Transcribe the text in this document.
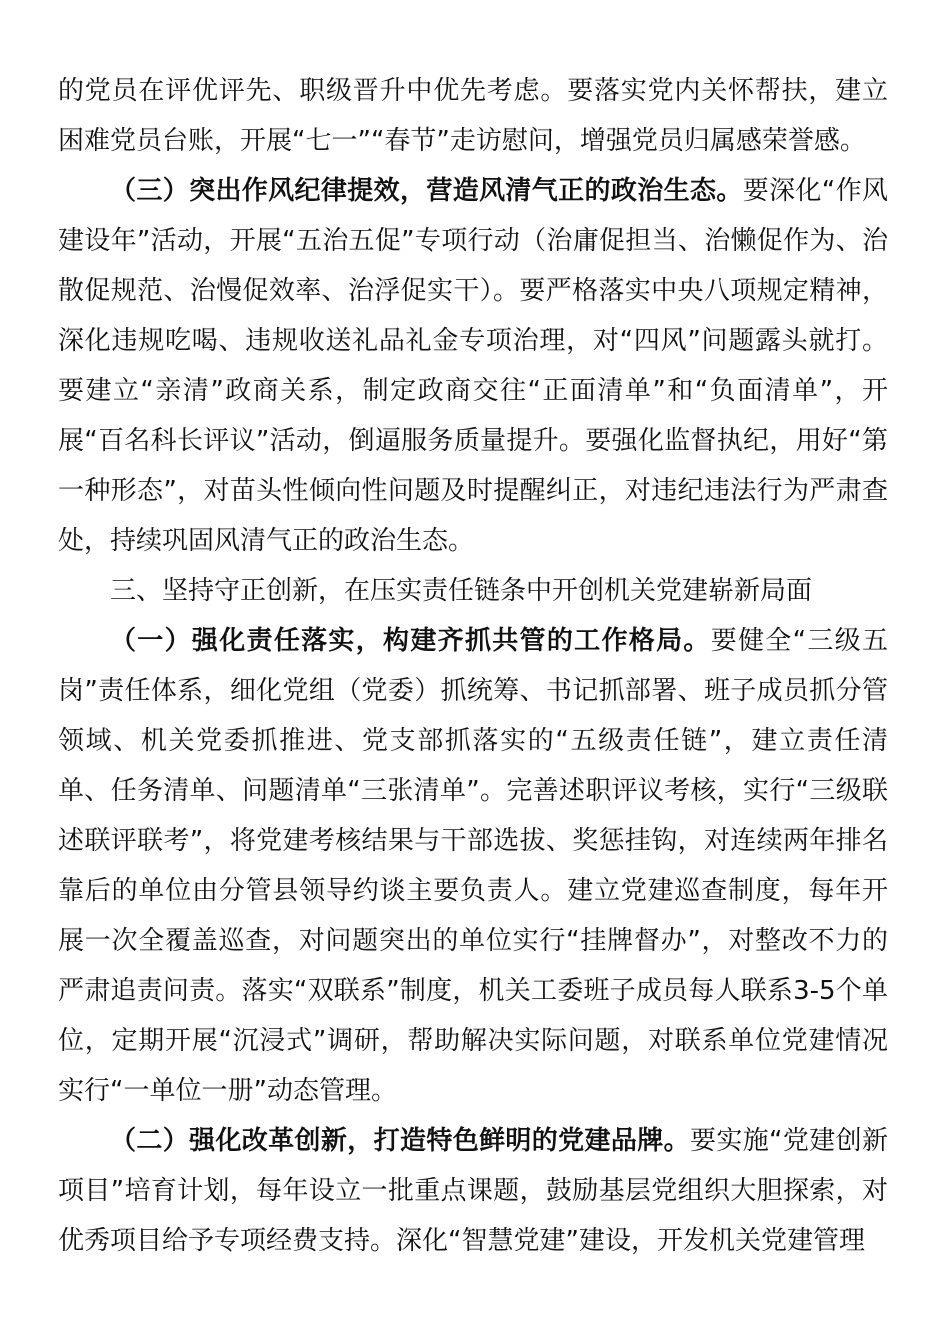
的党员在评优评先、职级晋升中优先考虑。要落实党内关怀帮扶，建立困难党员台账，开展“七一”“春节”走访慰问，增强党员归属感荣誉感。

（三）突出作风纪律提效，营造风清气正的政治生态。要深化“作风建设年”活动，开展“五治五促”专项行动（治庸促担当、治懒促作为、治散促规范、治慢促效率、治浮促实干）。要严格落实中央八项规定精神，深化违规吃喝、违规收送礼品礼金专项治理，对“四风”问题露头就打。要建立“亲清”政商关系，制定政商交往“正面清单”和“负面清单”，开展“百名科长评议”活动，倒逼服务质量提升。要强化监督执纪，用好“第一种形态”，对苗头性倾向性问题及时提醒纠正，对违纪违法行为严肃查处，持续巩固风清气正的政治生态。

三、坚持守正创新，在压实责任链条中开创机关党建崭新局面

（一）强化责任落实，构建齐抓共管的工作格局。要健全“三级五岗”责任体系，细化党组（党委）抓统筹、书记抓部署、班子成员抓分管领域、机关党委抓推进、党支部抓落实的“五级责任链”，建立责任清单、任务清单、问题清单“三张清单”。完善述职评议考核，实行“三级联述联评联考”，将党建考核结果与干部选拔、奖惩挂钩，对连续两年排名靠后的单位由分管县领导约谈主要负责人。建立党建巡查制度，每年开展一次全覆盖巡查，对问题突出的单位实行“挂牌督办”，对整改不力的严肃追责问责。落实“双联系”制度，机关工委班子成员每人联系3-5个单位，定期开展“沉浸式”调研，帮助解决实际问题，对联系单位党建情况实行“一单位一册”动态管理。

（二）强化改革创新，打造特色鲜明的党建品牌。要实施“党建创新项目”培育计划，每年设立一批重点课题，鼓励基层党组织大胆探索，对优秀项目给予专项经费支持。深化“智慧党建”建设，开发机关党建管理
